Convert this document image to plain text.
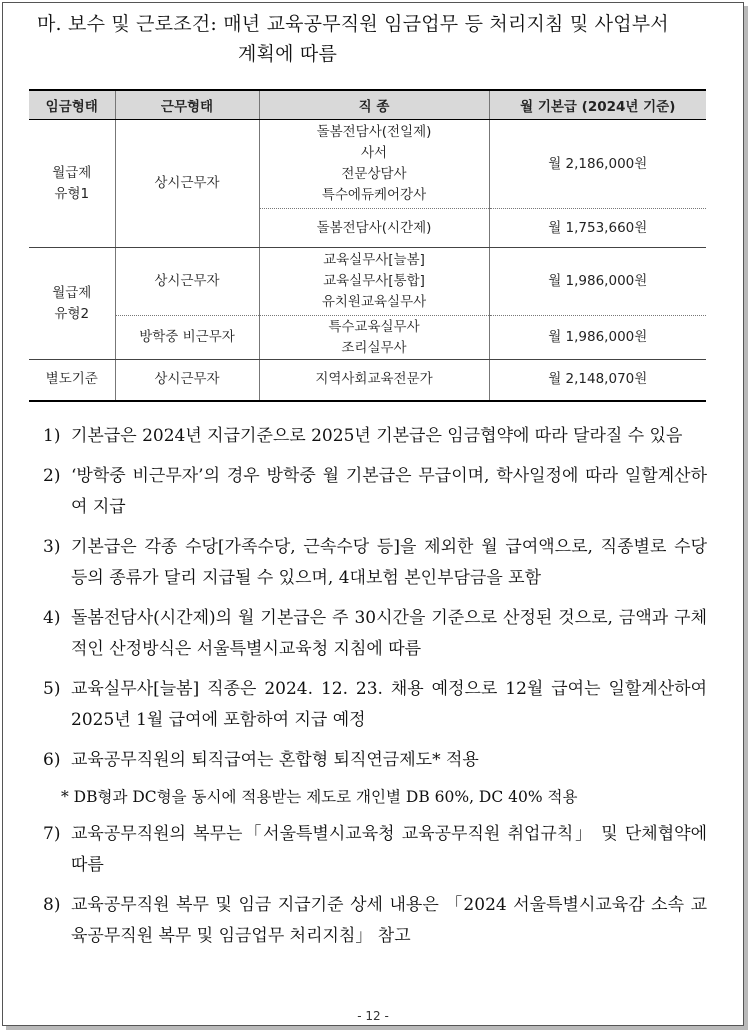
마. 보수 및 근로조건: 매년 교육공무직원 임금업무 등 처리지침 및 사업부서
계획에 따름
임금형태	근무형태	직 종	월 기본급 (2024년 기준)
월급제
유형1	상시근무자	돌봄전담사(전일제)
사서
전문상담사
특수에듀케어강사	월 2,186,000원
		돌봄전담사(시간제)	월 1,753,660원
월급제
유형2	상시근무자	교육실무사[늘봄]
교육실무사[통합]
유치원교육실무사	월 1,986,000원
	방학중 비근무자	특수교육실무사
조리실무사	월 1,986,000원
별도기준	상시근무자	지역사회교육전문가	월 2,148,070원
1) 기본급은 2024년 지급기준으로 2025년 기본급은 임금협약에 따라 달라질 수 있음
2) ‘방학중 비근무자’의 경우 방학중 월 기본급은 무급이며, 학사일정에 따라 일할계산하여 지급
3) 기본급은 각종 수당[가족수당, 근속수당 등]을 제외한 월 급여액으로, 직종별로 수당 등의 종류가 달리 지급될 수 있으며, 4대보험 본인부담금을 포함
4) 돌봄전담사(시간제)의 월 기본급은 주 30시간을 기준으로 산정된 것으로, 금액과 구체적인 산정방식은 서울특별시교육청 지침에 따름
5) 교육실무사[늘봄] 직종은 2024. 12. 23. 채용 예정으로 12월 급여는 일할계산하여 2025년 1월 급여에 포함하여 지급 예정
6) 교육공무직원의 퇴직급여는 혼합형 퇴직연금제도* 적용
* DB형과 DC형을 동시에 적용받는 제도로 개인별 DB 60%, DC 40% 적용
7) 교육공무직원의 복무는「서울특별시교육청 교육공무직원 취업규칙」 및 단체협약에 따름
8) 교육공무직원 복무 및 임금 지급기준 상세 내용은 「2024 서울특별시교육감 소속 교육공무직원 복무 및 임금업무 처리지침」 참고
- 12 -
